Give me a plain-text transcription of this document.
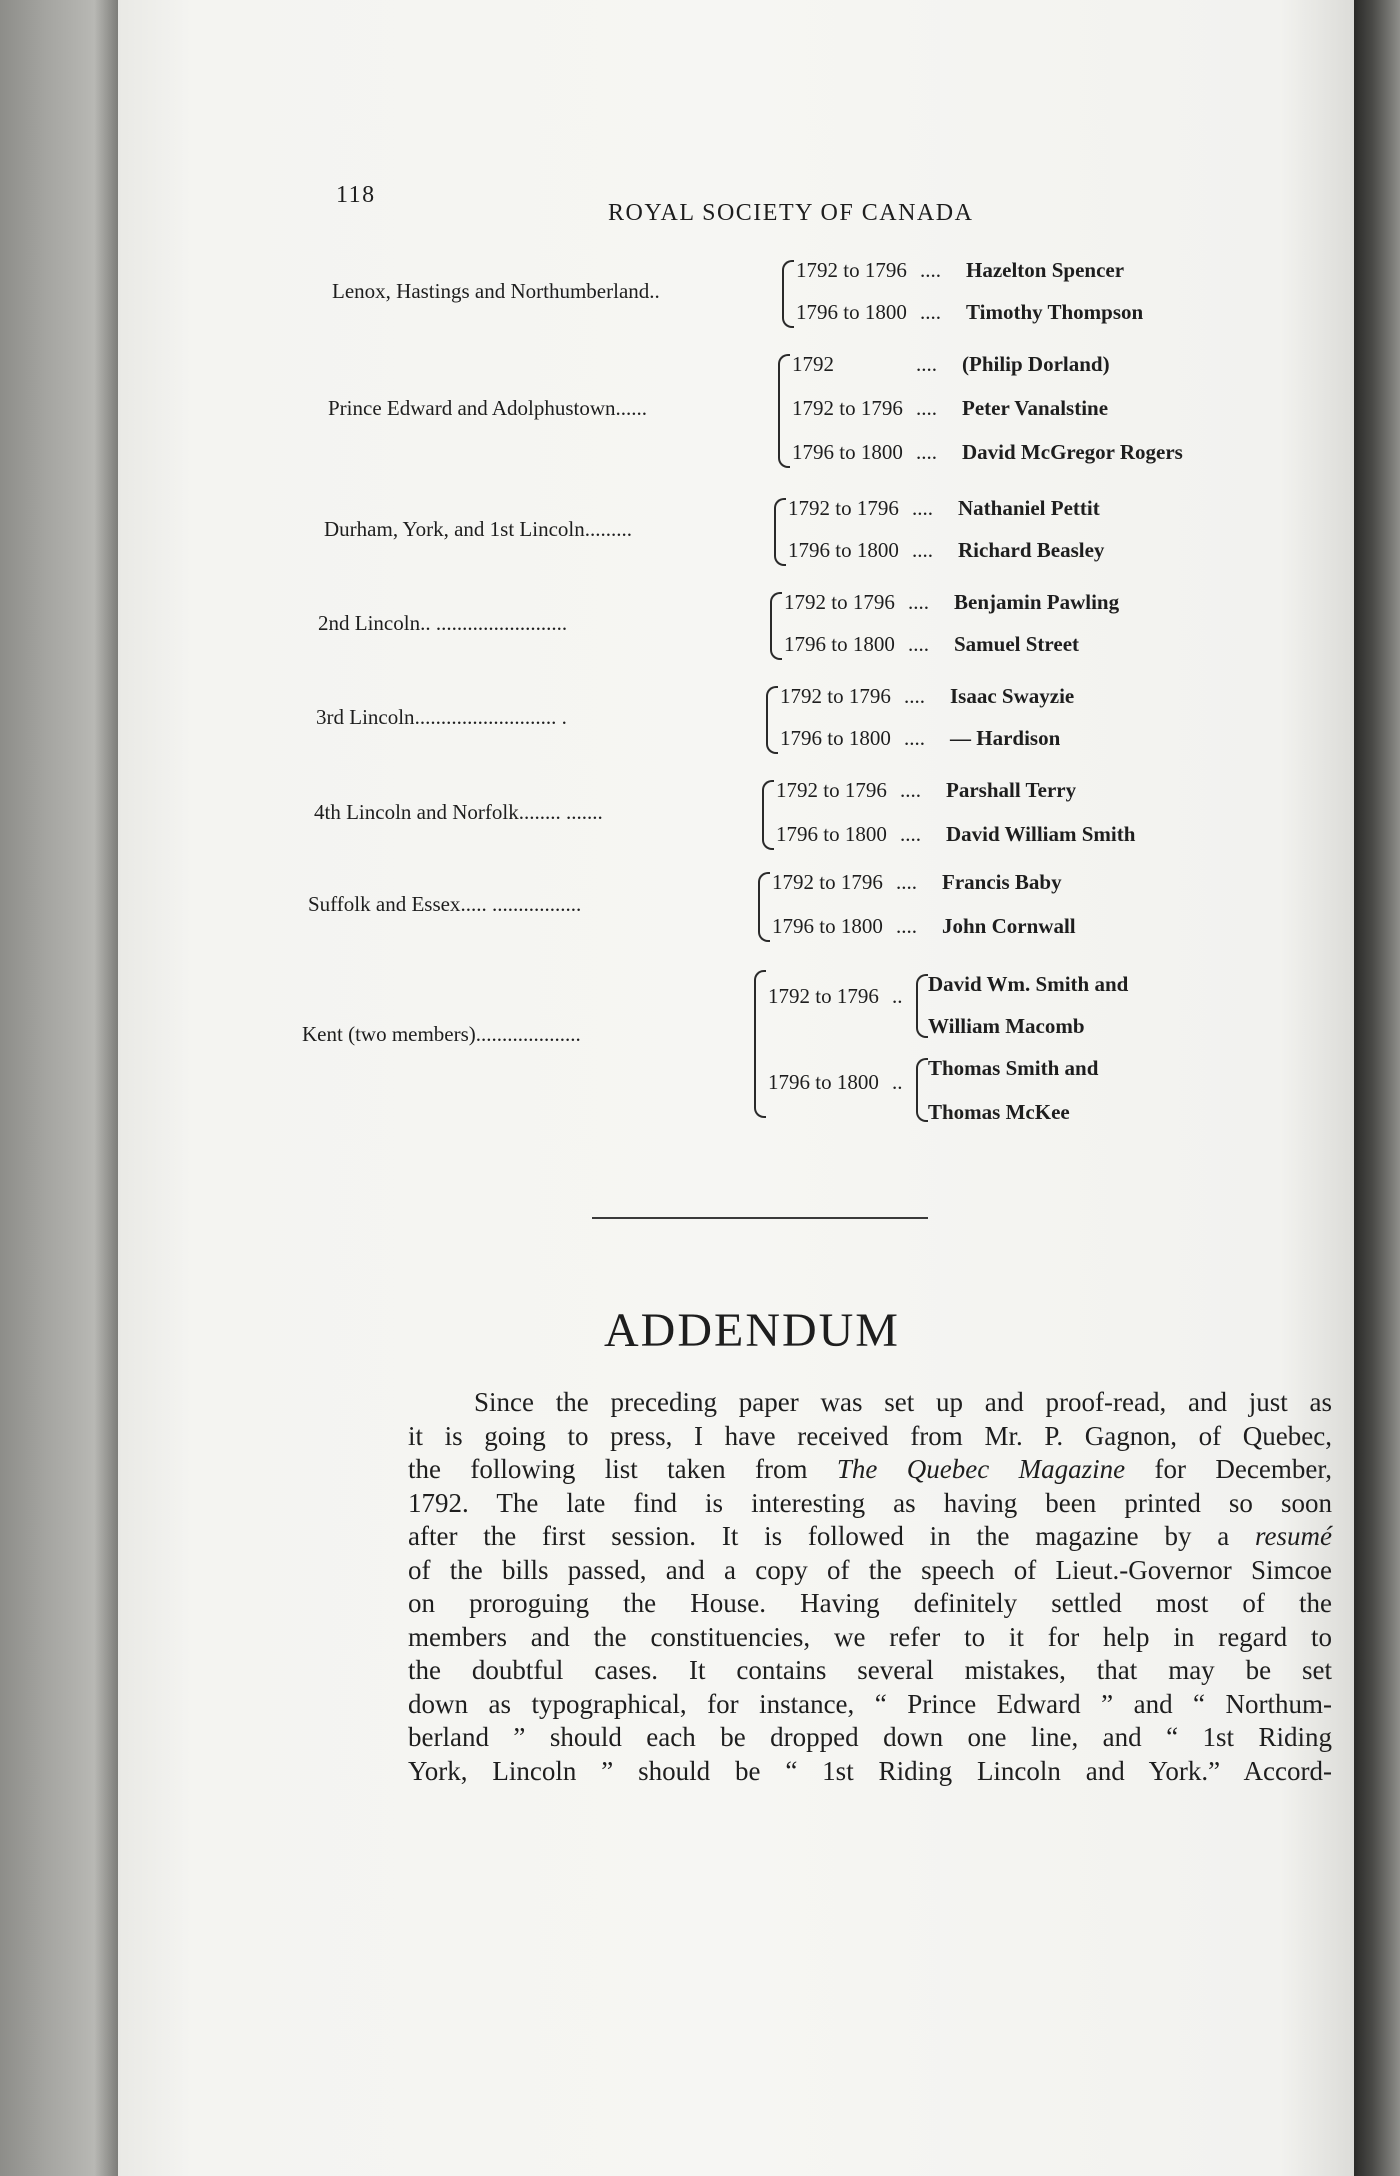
118
ROYAL SOCIETY OF CANADA
Lenox, Hastings and Northumberland..
1792 to 1796 .... Hazelton Spencer
1796 to 1800 .... Timothy Thompson
Prince Edward and Adolphustown......
1792	.... (Philip Dorland)
1792 to 1796 .... Peter Vanalstine
1796 to 1800 .... David McGregor Rogers
Durham, York, and 1st Lincoln.........
1792 to 1796 .... Nathaniel Pettit
1796 to 1800 .... Richard Beasley
2nd Lincoln.. .........................
1792 to 1796 .... Benjamin Pawling
1796 to 1800 .... Samuel Street
3rd Lincoln........................... .
1792 to 1796 .... Isaac Swayzie
1796 to 1800 .... — Hardison
4th Lincoln and Norfolk........ .......
1792 to 1796 .... Parshall Terry
1796 to 1800 .... David William Smith
Suffolk and Essex..... .................
1792 to 1796 .... Francis Baby
1796 to 1800 .... John Cornwall
Kent (two members)....................
1792 to 1796 .. David Wm. Smith and
William Macomb
1796 to 1800 ..
Thomas Smith and
Thomas McKee
ADDENDUM
Since the preceding paper was set up and proof-read, and just as
it is going to press, I have received from Mr. P. Gagnon, of Quebec,
the following list taken from The Quebec Magazine for December,
1792. The late find is interesting as having been printed so soon
after the first session. It is followed in the magazine by a resumé
of the bills passed, and a copy of the speech of Lieut.-Governor Simcoe
on proroguing the House. Having definitely settled most of the
members and the constituencies, we refer to it for help in regard to
the doubtful cases. It contains several mistakes, that may be set
down as typographical, for instance, “ Prince Edward ” and “ Northum-
berland ” should each be dropped down one line, and “ 1st Riding
York, Lincoln ” should be “ 1st Riding Lincoln and York.” Accord-
